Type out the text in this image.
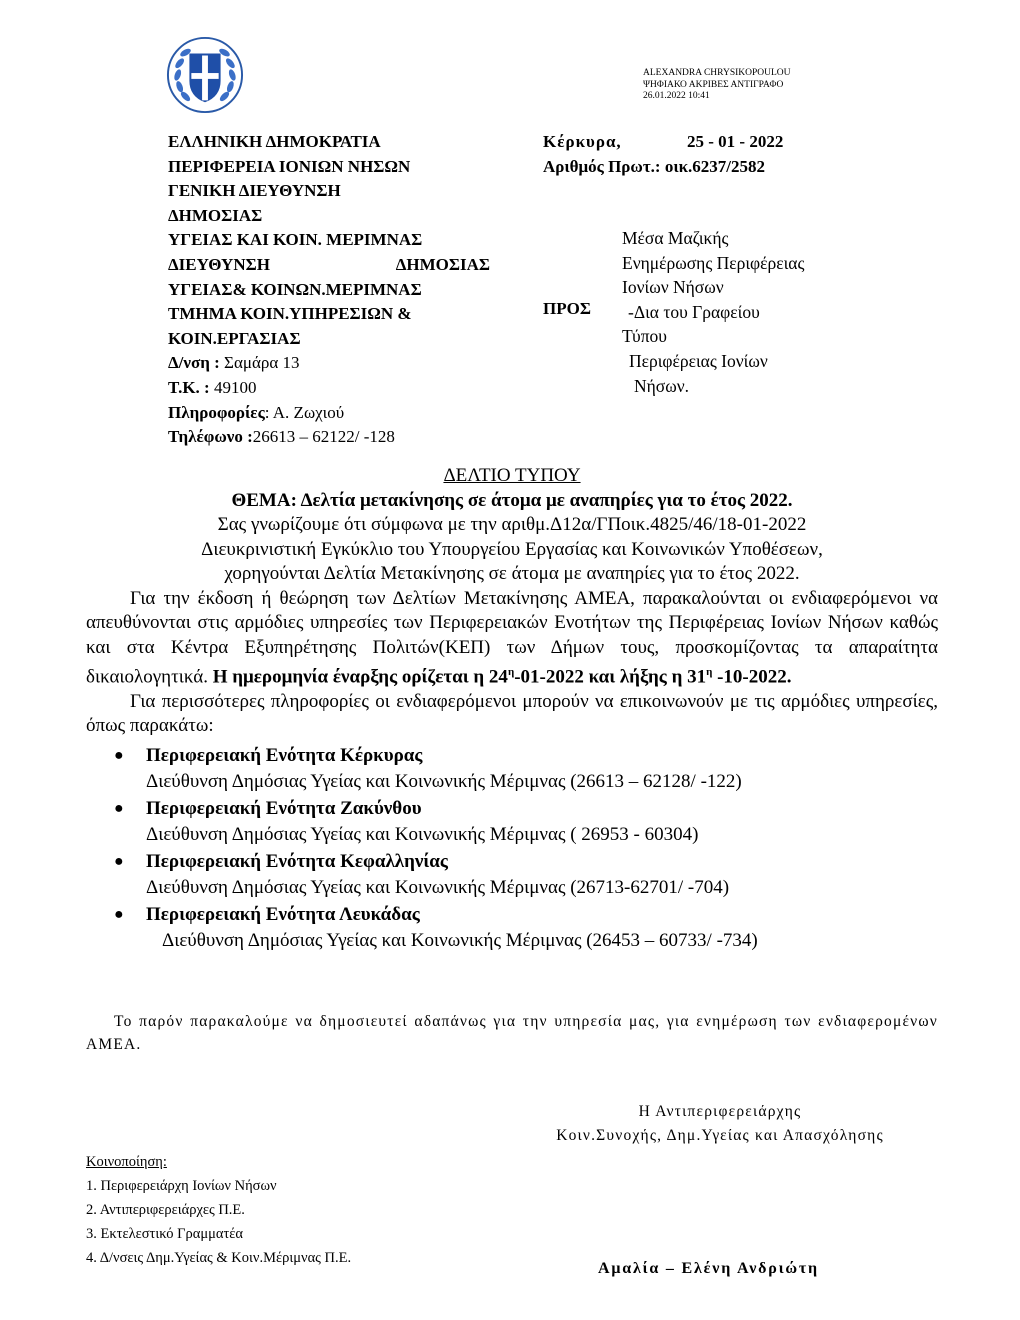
ALEXANDRA CHRYSIKOPOULOU
ΨΗΦΙΑΚΟ ΑΚΡΙΒΕΣ ΑΝΤΙΓΡΑΦΟ
26.01.2022 10:41
ΕΛΛΗΝΙΚΗ ΔΗΜΟΚΡΑΤΙΑ
ΠΕΡΙΦΕΡΕΙΑ ΙΟΝΙΩΝ ΝΗΣΩΝ
ΓΕΝΙΚΗ ΔΙΕΥΘΥΝΣΗ
ΔΗΜΟΣΙΑΣ
ΥΓΕΙΑΣ ΚΑΙ ΚΟΙΝ. ΜΕΡΙΜΝΑΣ
ΔΙΕΥΘΥΝΣΗ	ΔΗΜΟΣΙΑΣ
ΥΓΕΙΑΣ& ΚΟΙΝΩΝ.ΜΕΡΙΜΝΑΣ
ΤΜΗΜΑ ΚΟΙΝ.ΥΠΗΡΕΣΙΩΝ &
ΚΟΙΝ.ΕΡΓΑΣΙΑΣ
Δ/νση : Σαμάρα 13
Τ.Κ. : 49100
Πληροφορίες: Α. Ζωχιού
Τηλέφωνο :26613 – 62122/ -128
Κέρκυρα,	25 - 01 - 2022
Αριθμός Πρωτ.: οικ.6237/2582
ΠΡΟΣ
Μέσα Μαζικής
Ενημέρωσης Περιφέρειας
Ιονίων Νήσων
-Δια του Γραφείου
Τύπου
Περιφέρειας Ιονίων
Νήσων.
ΔΕΛΤΙΟ ΤΥΠΟΥ
ΘΕΜΑ: Δελτία μετακίνησης σε άτομα με αναπηρίες για το έτος 2022.
Σας γνωρίζουμε ότι σύμφωνα με την αριθμ.Δ12α/ΓΠοικ.4825/46/18-01-2022
Διευκρινιστική Εγκύκλιο του Υπουργείου Εργασίας και Κοινωνικών Υποθέσεων,
χορηγούνται Δελτία Μετακίνησης σε άτομα με αναπηρίες για το έτος 2022.
Για την έκδοση ή θεώρηση των Δελτίων Μετακίνησης ΑΜΕΑ, παρακαλούνται οι ενδιαφερόμενοι να απευθύνονται στις αρμόδιες υπηρεσίες των Περιφερειακών Ενοτήτων της Περιφέρειας Ιονίων Νήσων καθώς και στα Κέντρα Εξυπηρέτησης Πολιτών(ΚΕΠ) των Δήμων τους, προσκομίζοντας τα απαραίτητα δικαιολογητικά. Η ημερομηνία έναρξης ορίζεται η $24^\eta-01-2022$ και λήξης η $31^\eta$ -10-2022.
Για περισσότερες πληροφορίες οι ενδιαφερόμενοι μπορούν να επικοινωνούν με τις αρμόδιες υπηρεσίες, όπως παρακάτω:
● Περιφερειακή Ενότητα Κέρκυρας
Διεύθυνση Δημόσιας Υγείας και Κοινωνικής Μέριμνας (26613 – 62128/ -122)
● Περιφερειακή Ενότητα Ζακύνθου
Διεύθυνση Δημόσιας Υγείας και Κοινωνικής Μέριμνας ( 26953 - 60304)
● Περιφερειακή Ενότητα Κεφαλληνίας
Διεύθυνση Δημόσιας Υγείας και Κοινωνικής Μέριμνας (26713-62701/ -704)
● Περιφερειακή Ενότητα Λευκάδας
Διεύθυνση Δημόσιας Υγείας και Κοινωνικής Μέριμνας (26453 – 60733/ -734)
Το παρόν παρακαλούμε να δημοσιευτεί αδαπάνως για την υπηρεσία μας, για ενημέρωση των ενδιαφερομένων ΑΜΕΑ.
Η Αντιπεριφερειάρχης
Κοιν.Συνοχής, Δημ.Υγείας και Απασχόλησης
Κοινοποίηση:
1. Περιφερειάρχη Ιονίων Νήσων
2. Αντιπεριφερειάρχες Π.Ε.
3. Εκτελεστικό Γραμματέα
4. Δ/νσεις Δημ.Υγείας & Κοιν.Μέριμνας Π.Ε.
Αμαλία – Ελένη Ανδριώτη
